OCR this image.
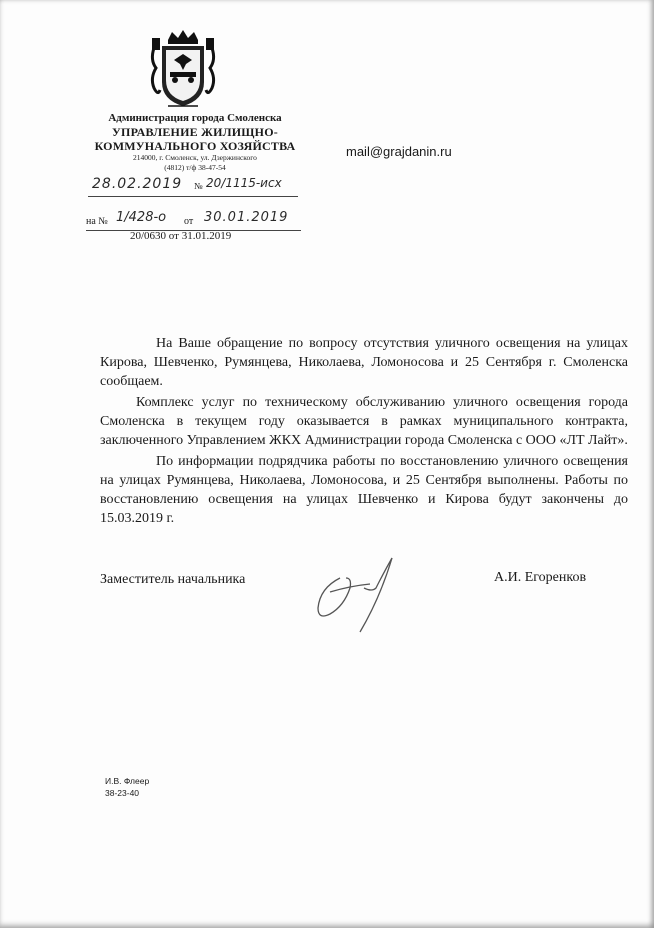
Администрация города Смоленска
УПРАВЛЕНИЕ ЖИЛИЩНО-
КОММУНАЛЬНОГО ХОЗЯЙСТВА
214000, г. Смоленск, ул. Дзержинского
(4812) т/ф 38-47-54
28.02.2019 № 20/1115-исх
на № 1/428-о от 30.01.2019
20/0630 от 31.01.2019
mail@grajdanin.ru

На Ваше обращение по вопросу отсутствия уличного освещения на улицах Кирова, Шевченко, Румянцева, Николаева, Ломоносова и 25 Сентября г. Смоленска сообщаем.

Комплекс услуг по техническому обслуживанию уличного освещения города Смоленска в текущем году оказывается в рамках муниципального контракта, заключенного Управлением ЖКХ Администрации города Смоленска с ООО «ЛТ Лайт».

По информации подрядчика работы по восстановлению уличного освещения на улицах Румянцева, Николаева, Ломоносова, и 25 Сентября выполнены. Работы по восстановлению освещения на улицах Шевченко и Кирова будут закончены до 15.03.2019 г.

Заместитель начальника	А.И. Егоренков
И.В. Флеер
38-23-40
